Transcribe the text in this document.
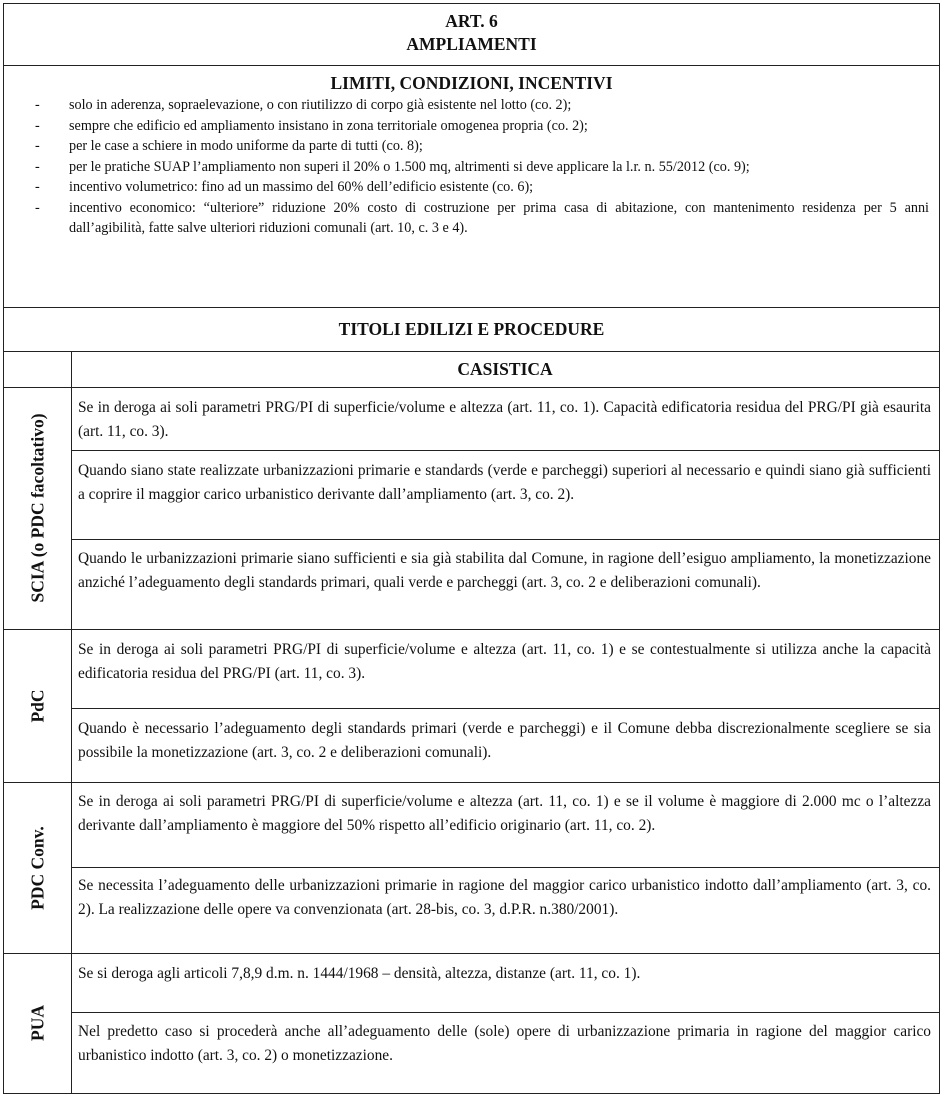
ART. 6
AMPLIAMENTI
LIMITI, CONDIZIONI, INCENTIVI
- solo in aderenza, sopraelevazione, o con riutilizzo di corpo già esistente nel lotto (co. 2);
- sempre che edificio ed ampliamento insistano in zona territoriale omogenea propria (co. 2);
- per le case a schiere in modo uniforme da parte di tutti (co. 8);
- per le pratiche SUAP l’ampliamento non superi il 20% o 1.500 mq, altrimenti si deve applicare la l.r. n. 55/2012 (co. 9);
- incentivo volumetrico: fino ad un massimo del 60% dell’edificio esistente (co. 6);
- incentivo economico: “ulteriore” riduzione 20% costo di costruzione per prima casa di abitazione, con mantenimento residenza per 5 anni dall’agibilità, fatte salve ulteriori riduzioni comunali (art. 10, c. 3 e 4).
TITOLI EDILIZI E PROCEDURE
CASISTICA
SCIA (o PDC facoltativo)
Se in deroga ai soli parametri PRG/PI di superficie/volume e altezza (art. 11, co. 1). Capacità edificatoria residua del PRG/PI già esaurita (art. 11, co. 3).
Quando siano state realizzate urbanizzazioni primarie e standards (verde e parcheggi) superiori al necessario e quindi siano già sufficienti a coprire il maggior carico urbanistico derivante dall’ampliamento (art. 3, co. 2).
Quando le urbanizzazioni primarie siano sufficienti e sia già stabilita dal Comune, in ragione dell’esiguo ampliamento, la monetizzazione anziché l’adeguamento degli standards primari, quali verde e parcheggi (art. 3, co. 2 e deliberazioni comunali).
PdC
Se in deroga ai soli parametri PRG/PI di superficie/volume e altezza (art. 11, co. 1) e se contestualmente si utilizza anche la capacità edificatoria residua del PRG/PI (art. 11, co. 3).
Quando è necessario l’adeguamento degli standards primari (verde e parcheggi) e il Comune debba discrezionalmente scegliere se sia possibile la monetizzazione (art. 3, co. 2 e deliberazioni comunali).
PDC Conv.
Se in deroga ai soli parametri PRG/PI di superficie/volume e altezza (art. 11, co. 1) e se il volume è maggiore di 2.000 mc o l’altezza derivante dall’ampliamento è maggiore del 50% rispetto all’edificio originario (art. 11, co. 2).
Se necessita l’adeguamento delle urbanizzazioni primarie in ragione del maggior carico urbanistico indotto dall’ampliamento (art. 3, co. 2). La realizzazione delle opere va convenzionata (art. 28-bis, co. 3, d.P.R. n.380/2001).
PUA
Se si deroga agli articoli 7,8,9 d.m. n. 1444/1968 – densità, altezza, distanze (art. 11, co. 1).
Nel predetto caso si procederà anche all’adeguamento delle (sole) opere di urbanizzazione primaria in ragione del maggior carico urbanistico indotto (art. 3, co. 2) o monetizzazione.
